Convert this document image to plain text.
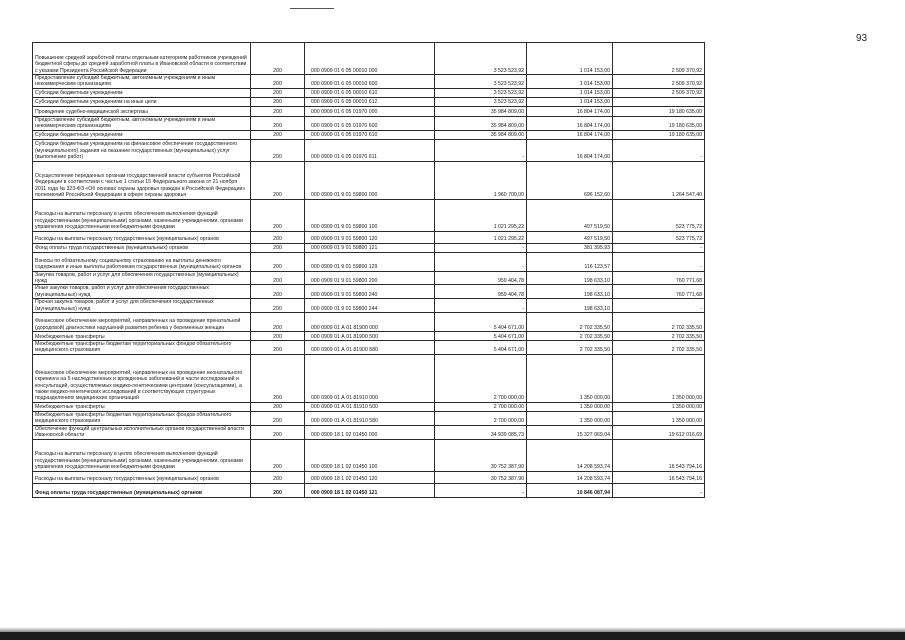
93
Повышение средней заработной платы отдельным категориям работников учреждений бюджетной сферы до средней заработной платы в Ивановской области в соответствии с указами Президента Российской Федерации	200	000 0909 01 6 05 00010 000	3 523 523,92	1 014 153,00	2 509 370,92
Предоставление субсидий бюджетным, автономным учреждениям и иным некоммерческим организациям	200	000 0909 01 6 05 00010 600	3 523 523,92	1 014 153,00	2 509 370,92
Субсидии бюджетным учреждениям	200	000 0909 01 6 05 00010 610	3 523 523,92	1 014 153,00	2 509 370,92
Субсидии бюджетным учреждениям на иные цели	200	000 0909 01 6 05 00010 612	3 523 523,92	1 014 153,00	-
Проведение судебно-медицинской экспертизы	200	000 0909 01 6 05 01970 000	35 984 809,00	16 804 174,00	19 180 635,00
Предоставление субсидий бюджетным, автономным учреждениям и иным некоммерческим организациям	200	000 0909 01 6 05 01970 600	35 984 809,00	16 804 174,00	19 180 635,00
Субсидии бюджетным учреждениям	200	000 0909 01 6 05 01970 610	35 984 809,00	16 804 174,00	19 180 635,00
Субсидии бюджетным учреждениям на финансовое обеспечение государственного (муниципального) задания на оказание государственных (муниципальных) услуг (выполнение работ)	200	000 0909 01 6 05 01970 611	-	16 804 174,00	-
Осуществление переданных органам государственной власти субъектов Российской Федерации в соответствии с частью 1 статьи 15 Федерального закона от 21 ноября 2011 года № 323-ФЗ «Об основах охраны здоровья граждан в Российской Федерации» полномочий Российской Федерации в сфере охраны здоровья	200	000 0909 01 9 01 59800 000	1 960 700,00	696 152,60	1 264 547,40
Расходы на выплаты персоналу в целях обеспечения выполнения функций государственными (муниципальными) органами, казенными учреждениями, органами управления государственными внебюджетными фондами	200	000 0909 01 9 01 59800 100	1 021 295,22	497 519,50	523 775,72
Расходы на выплаты персоналу государственных (муниципальных) органов	200	000 0909 01 9 01 59800 120	1 021 295,22	497 519,50	523 775,72
Фонд оплаты труда государственных (муниципальных) органов	200	000 0909 01 9 01 59800 121	-	381 395,93	-
Взносы по обязательному социальному страхованию на выплаты денежного содержания и иные выплаты работникам государственных (муниципальных) органов	200	000 0909 01 9 01 59800 129	-	116 123,57	-
Закупка товаров, работ и услуг для обеспечения государственных (муниципальных) нужд	200	000 0909 01 9 01 59800 200	959 404,78	198 633,10	760 771,68
Иные закупки товаров, работ и услуг для обеспечения государственных (муниципальных) нужд	200	000 0909 01 9 01 59800 240	959 404,78	198 633,10	760 771,68
Прочая закупка товаров, работ и услуг для обеспечения государственных (муниципальных) нужд	200	000 0909 01 9 01 59800 244	-	198 633,10	-
Финансовое обеспечение мероприятий, направленных на проведение пренатальной (дородовой) диагностики нарушений развития ребенка у беременных женщин	200	000 0909 01 А 01 81900 000	5 404 671,00	2 702 335,50	2 702 335,50
Межбюджетные трансферты	200	000 0909 01 А 01 81900 500	5 404 671,00	2 702 335,50	2 702 335,50
Межбюджетные трансферты бюджетам территориальных фондов обязательного медицинского страхования	200	000 0909 01 А 01 81900 580	5 404 671,00	2 702 335,50	2 702 335,50
Финансовое обеспечение мероприятий, направленных на проведение неонатального скрининга на 5 наследственных и врожденных заболеваний в части исследований и консультаций, осуществляемых медико-генетическими центрами (консультациями), а также медико-генетических исследований в соответствующих структурных подразделениях медицинских организаций	200	000 0909 01 А 01 81910 000	2 700 000,00	1 350 000,00	1 350 000,00
Межбюджетные трансферты	200	000 0909 01 А 01 81910 500	2 700 000,00	1 350 000,00	1 350 000,00
Межбюджетные трансферты бюджетам территориальных фондов обязательного медицинского страхования	200	000 0909 01 А 01 81910 580	2 700 000,00	1 350 000,00	1 350 000,00
Обеспечение функций центральных исполнительных органов государственной власти Ивановской области	200	000 0909 18 1 02 01450 000	34 939 085,73	15 327 069,04	19 612 016,69
Расходы на выплаты персоналу в целях обеспечения выполнения функций государственными (муниципальными) органами, казенными учреждениями, органами управления государственными внебюджетными фондами	200	000 0909 18 1 02 01450 100	30 752 387,90	14 208 593,74	16 543 794,16
Расходы на выплаты персоналу государственных (муниципальных) органов	200	000 0909 18 1 02 01450 120	30 752 387,90	14 208 593,74	16 543 794,16
Фонд оплаты труда государственных (муниципальных) органов	200	000 0909 18 1 02 01450 121	-	10 846 087,94	-
